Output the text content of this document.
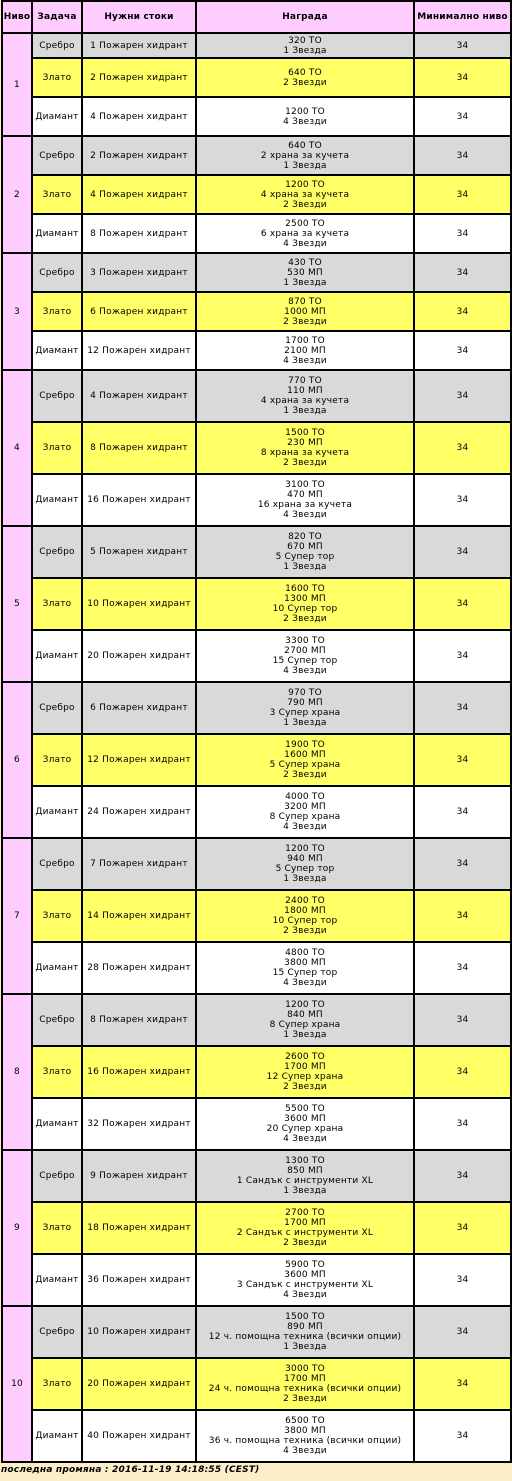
Ниво	Задача	Нужни стоки	Награда	Минимално ниво
1	Сребро	1 Пожарен хидрант	320 ТО
1 Звезда	34
	Злато	2 Пожарен хидрант	640 ТО
2 Звезди	34
	Диамант	4 Пожарен хидрант	1200 ТО
4 Звезди	34
2	Сребро	2 Пожарен хидрант	640 ТО
2 храна за кучета
1 Звезда	34
	Злато	4 Пожарен хидрант	1200 ТО
4 храна за кучета
2 Звезди	34
	Диамант	8 Пожарен хидрант	2500 ТО
6 храна за кучета
4 Звезди	34
3	Сребро	3 Пожарен хидрант	430 ТО
530 МП
1 Звезда	34
	Злато	6 Пожарен хидрант	870 ТО
1000 МП
2 Звезди	34
	Диамант	12 Пожарен хидрант	1700 ТО
2100 МП
4 Звезди	34
4	Сребро	4 Пожарен хидрант	770 ТО
110 МП
4 храна за кучета
1 Звезда	34
	Злато	8 Пожарен хидрант	1500 ТО
230 МП
8 храна за кучета
2 Звезди	34
	Диамант	16 Пожарен хидрант	3100 ТО
470 МП
16 храна за кучета
4 Звезди	34
5	Сребро	5 Пожарен хидрант	820 ТО
670 МП
5 Супер тор
1 Звезда	34
	Злато	10 Пожарен хидрант	1600 ТО
1300 МП
10 Супер тор
2 Звезди	34
	Диамант	20 Пожарен хидрант	3300 ТО
2700 МП
15 Супер тор
4 Звезди	34
6	Сребро	6 Пожарен хидрант	970 ТО
790 МП
3 Супер храна
1 Звезда	34
	Злато	12 Пожарен хидрант	1900 ТО
1600 МП
5 Супер храна
2 Звезди	34
	Диамант	24 Пожарен хидрант	4000 ТО
3200 МП
8 Супер храна
4 Звезди	34
7	Сребро	7 Пожарен хидрант	1200 ТО
940 МП
5 Супер тор
1 Звезда	34
	Злато	14 Пожарен хидрант	2400 ТО
1800 МП
10 Супер тор
2 Звезди	34
	Диамант	28 Пожарен хидрант	4800 ТО
3800 МП
15 Супер тор
4 Звезди	34
8	Сребро	8 Пожарен хидрант	1200 ТО
840 МП
8 Супер храна
1 Звезда	34
	Злато	16 Пожарен хидрант	2600 ТО
1700 МП
12 Супер храна
2 Звезди	34
	Диамант	32 Пожарен хидрант	5500 ТО
3600 МП
20 Супер храна
4 Звезди	34
9	Сребро	9 Пожарен хидрант	1300 ТО
850 МП
1 Сандък с инструменти XL
1 Звезда	34
	Злато	18 Пожарен хидрант	2700 ТО
1700 МП
2 Сандък с инструменти XL
2 Звезди	34
	Диамант	36 Пожарен хидрант	5900 ТО
3600 МП
3 Сандък с инструменти XL
4 Звезди	34
10	Сребро	10 Пожарен хидрант	1500 ТО
890 МП
12 ч. помощна техника (всички опции)
1 Звезда	34
	Злато	20 Пожарен хидрант	3000 ТО
1700 МП
24 ч. помощна техника (всички опции)
2 Звезди	34
	Диамант	40 Пожарен хидрант	6500 ТО
3800 МП
36 ч. помощна техника (всички опции)
4 Звезди	34
последна промяна : 2016-11-19 14:18:55 (CEST)
